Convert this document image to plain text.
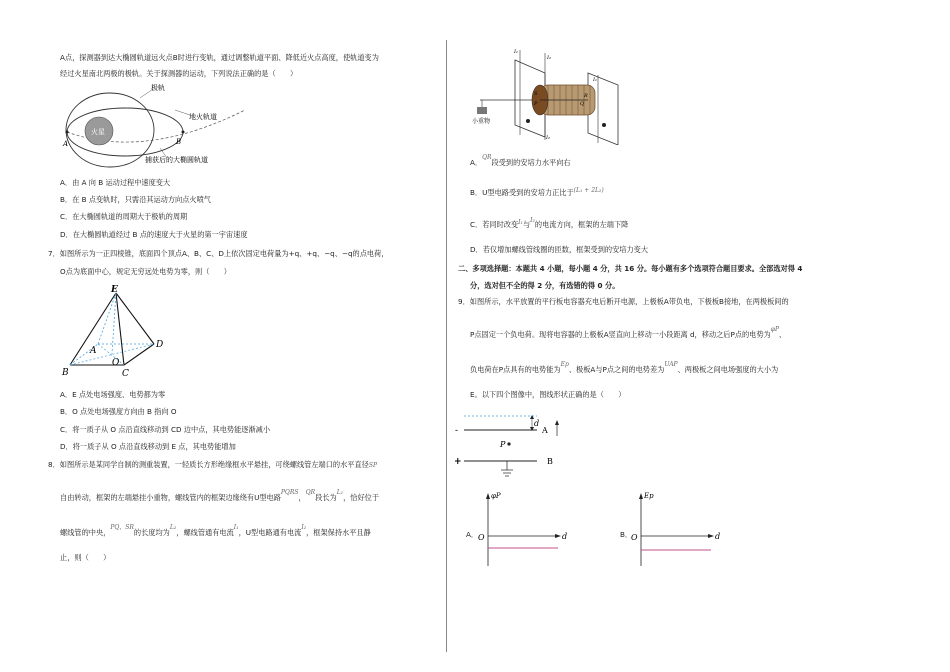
A点，探测器到达大椭圆轨道远火点B时进行变轨，通过调整轨道平面、降低近火点高度，使轨道变为
经过火星南北两极的极轨。关于探测器的运动，下列说法正确的是（　　）
火星
A	B
极轨
地火轨道
捕获后的大椭圆轨道
A．由 A 向 B 运动过程中速度变大
B．在 B 点变轨时，只需沿其运动方向点火喷气
C．在大椭圆轨道的周期大于极轨的周期
D．在大椭圆轨道经过 B 点的速度大于火星的第一宇宙速度
7．如图所示为一正四棱锥，底面四个顶点A、B、C、D上依次固定电荷量为+q、+q、−q、−q的点电荷，
O点为底面中心，规定无穷远处电势为零，则（　　）
E
A
B	C
D
O
A．E 点处电场强度、电势都为零
B．O 点处电场强度方向由 B 指向 O
C．将一质子从 O 点沿直线移动到 CD 边中点，其电势能逐渐减小
D．将一质子从 O 点沿直线移动到 E 点，其电势能增加
8．如图所示是某同学自制的测重装置，一轻质长方形绝缘框水平悬挂，可绕螺线管左端口的水平直径SP
自由转动，框架的左端悬挂小重物，螺线管内的框架边缘绕有U型电路$^{PQRS}$，$^{QR}$段长为$^{L_1}$，恰好位于
螺线管的中央，$^{PQ、SR}$的长度均为$^{L_2}$，螺线管通有电流$^{I_1}$，U型电路通有电流$^{I_2}$，框架保持水平且静
止，则（　　）
小重物
P	Q
R
S
I₁
I₂
I₁
I₂
A．$^{QR}$段受到的安培力水平向右
B．U型电路受到的安培力正比于$^{(L_1 + 2L_2)}$
C．若同时改变$^{I_1}$与$^{I_2}$的电流方向，框架的左端下降
D．若仅增加螺线管线圈的匝数，框架受到的安培力变大
二、多项选择题：本题共 4 小题，每小题 4 分，共 16 分。每小题有多个选项符合题目要求。全部选对得 4
分，选对但不全的得 2 分，有选错的得 0 分。
9．如图所示，水平放置的平行板电容器充电后断开电源，上极板A带负电，下极板B接地，在两极板间的
P点固定一个负电荷。现将电容器的上极板A竖直向上移动一小段距离 d，移动之后P点的电势为$^{\varphi P}$、
负电荷在P点具有的电势能为$^{Ep}$、极板A与P点之间的电势差为$^{UAP}$、两极板之间电场强度的大小为
E。以下四个图像中，图线形状正确的是（　　）
d
A
B
-
+
P
A． O	d
φP
B．
O	d
Ep
